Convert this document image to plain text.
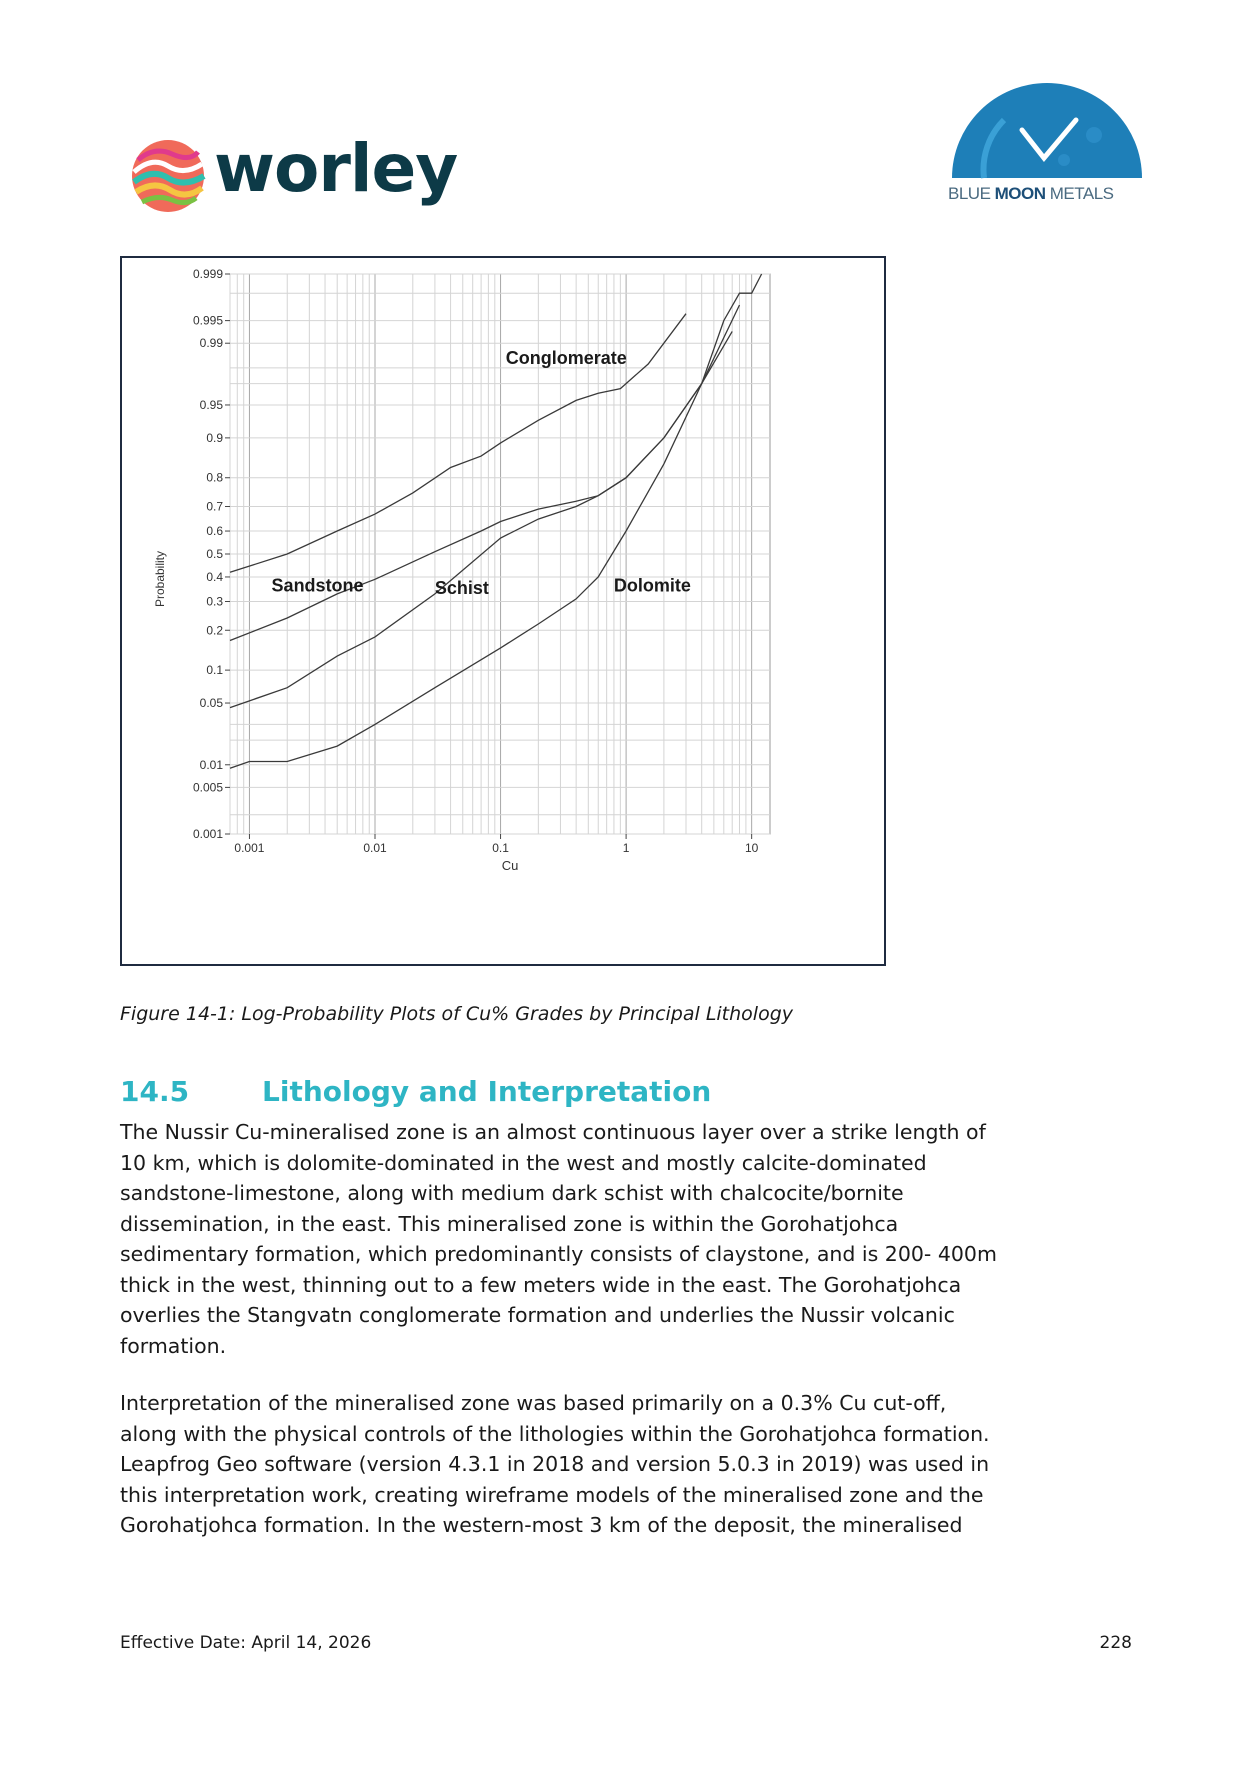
worley	BLUE MOON METALS
0.999
0.995
0.99
0.95
0.9
0.8
0.7
0.6
0.5
0.4
0.3
0.2
0.1
0.05
0.01
0.005
0.001
0.001	0.01	0.1	1	10
Cu
Probability
Conglomerate
Sandstone	Schist	Dolomite
Figure 14-1: Log-Probability Plots of Cu% Grades by Principal Lithology
14.5	Lithology and Interpretation
The Nussir Cu-mineralised zone is an almost continuous layer over a strike length of
10 km, which is dolomite-dominated in the west and mostly calcite-dominated
sandstone-limestone, along with medium dark schist with chalcocite/bornite
dissemination, in the east. This mineralised zone is within the Gorohatjohca
sedimentary formation, which predominantly consists of claystone, and is 200- 400m
thick in the west, thinning out to a few meters wide in the east. The Gorohatjohca
overlies the Stangvatn conglomerate formation and underlies the Nussir volcanic
formation.
Interpretation of the mineralised zone was based primarily on a 0.3% Cu cut-off,
along with the physical controls of the lithologies within the Gorohatjohca formation.
Leapfrog Geo software (version 4.3.1 in 2018 and version 5.0.3 in 2019) was used in
this interpretation work, creating wireframe models of the mineralised zone and the
Gorohatjohca formation. In the western-most 3 km of the deposit, the mineralised
Effective Date: April 14, 2026	228
